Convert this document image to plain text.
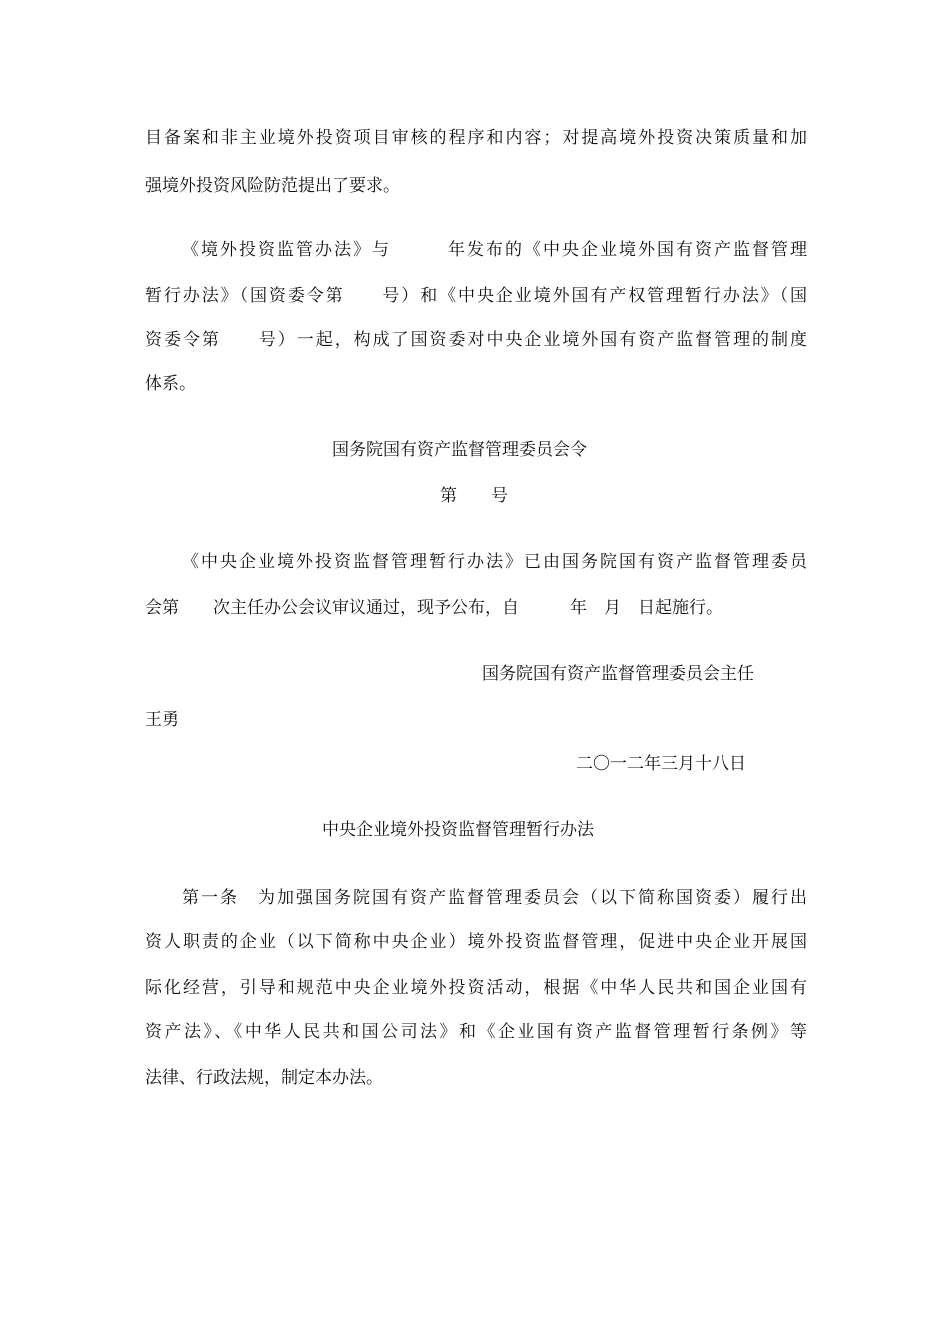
目备案和非主业境外投资项目审核的程序和内容；对提高境外投资决策质量和加
强境外投资风险防范提出了要求。
《境外投资监管办法》与　　　年发布的《中央企业境外国有资产监督管理
暂行办法》（国资委令第　　号）和《中央企业境外国有产权管理暂行办法》（国
资委令第　　号）一起，构成了国资委对中央企业境外国有资产监督管理的制度
体系。
国务院国有资产监督管理委员会令
第　　号
《中央企业境外投资监督管理暂行办法》已由国务院国有资产监督管理委员
会第　　次主任办公会议审议通过，现予公布，自　　　年　月　日起施行。
国务院国有资产监督管理委员会主任
王勇
二〇一二年三月十八日
中央企业境外投资监督管理暂行办法
第一条　为加强国务院国有资产监督管理委员会（以下简称国资委）履行出
资人职责的企业（以下简称中央企业）境外投资监督管理，促进中央企业开展国
际化经营，引导和规范中央企业境外投资活动，根据《中华人民共和国企业国有
资产法》、《中华人民共和国公司法》和《企业国有资产监督管理暂行条例》等
法律、行政法规，制定本办法。
